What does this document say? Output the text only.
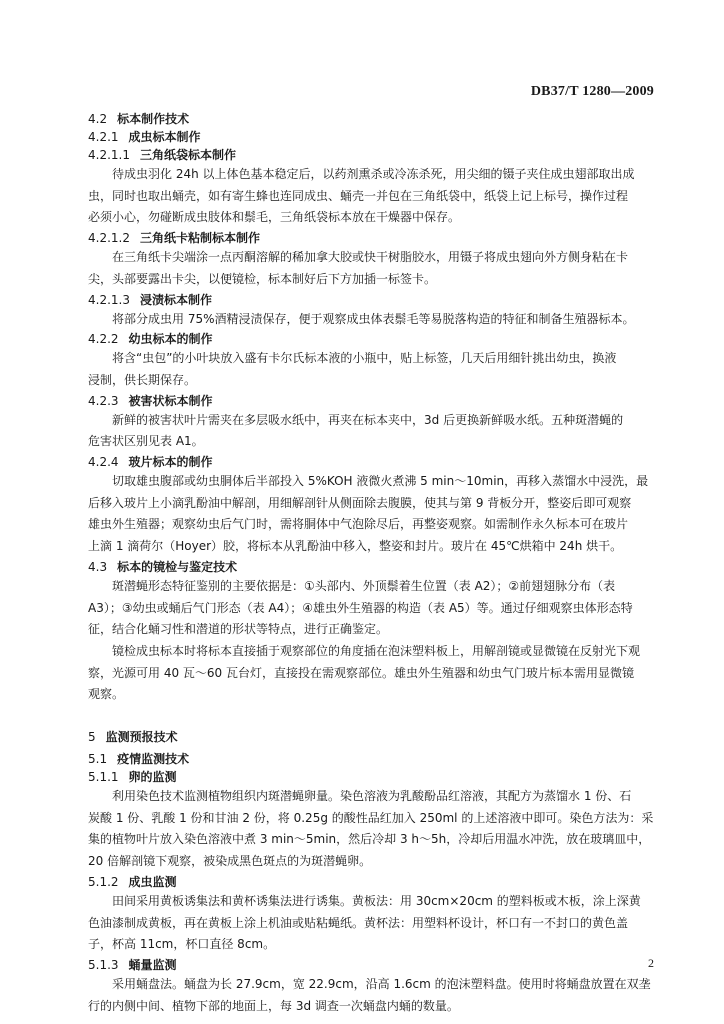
DB37/T 1280—2009
4.2 标本制作技术
4.2.1 成虫标本制作
4.2.1.1 三角纸袋标本制作
待成虫羽化 24h 以上体色基本稳定后，以药剂熏杀或冷冻杀死，用尖细的镊子夹住成虫翅部取出成
虫，同时也取出蛹壳，如有寄生蜂也连同成虫、蛹壳一并包在三角纸袋中，纸袋上记上标号，操作过程
必须小心，勿碰断成虫肢体和鬃毛，三角纸袋标本放在干燥器中保存。
4.2.1.2 三角纸卡粘制标本制作
在三角纸卡尖端涂一点丙酮溶解的稀加拿大胶或快干树脂胶水，用镊子将成虫翅向外方侧身粘在卡
尖，头部要露出卡尖，以便镜检，标本制好后下方加插一标签卡。
4.2.1.3 浸渍标本制作
将部分成虫用 75%酒精浸渍保存，便于观察成虫体表鬃毛等易脱落构造的特征和制备生殖器标本。
4.2.2 幼虫标本的制作
将含“虫包”的小叶块放入盛有卡尔氏标本液的小瓶中，贴上标签，几天后用细针挑出幼虫，换液
浸制，供长期保存。
4.2.3 被害状标本制作
新鲜的被害状叶片需夹在多层吸水纸中，再夹在标本夹中，3d 后更换新鲜吸水纸。五种斑潜蝇的
危害状区别见表 A1。
4.2.4 玻片标本的制作
切取雄虫腹部或幼虫胴体后半部投入 5%KOH 液微火煮沸 5 min～10min，再移入蒸馏水中浸洗，最
后移入玻片上小滴乳酚油中解剖，用细解剖针从侧面除去腹膜，使其与第 9 背板分开，整姿后即可观察
雄虫外生殖器；观察幼虫后气门时，需将胴体中气泡除尽后，再整姿观察。如需制作永久标本可在玻片
上滴 1 滴荷尔（Hoyer）胶，将标本从乳酚油中移入，整姿和封片。玻片在 45℃烘箱中 24h 烘干。
4.3 标本的镜检与鉴定技术
斑潜蝇形态特征鉴别的主要依据是：①头部内、外顶鬃着生位置（表 A2）；②前翅翅脉分布（表
A3）；③幼虫或蛹后气门形态（表 A4）；④雄虫外生殖器的构造（表 A5）等。通过仔细观察虫体形态特
征，结合化蛹习性和潜道的形状等特点，进行正确鉴定。
镜检成虫标本时将标本直接插于观察部位的角度插在泡沫塑料板上，用解剖镜或显微镜在反射光下观
察，光源可用 40 瓦～60 瓦台灯，直接投在需观察部位。雄虫外生殖器和幼虫气门玻片标本需用显微镜
观察。
5 监测预报技术
5.1 疫情监测技术
5.1.1 卵的监测
利用染色技术监测植物组织内斑潜蝇卵量。染色溶液为乳酸酚品红溶液，其配方为蒸馏水 1 份、石
炭酸 1 份、乳酸 1 份和甘油 2 份，将 0.25g 的酸性品红加入 250ml 的上述溶液中即可。染色方法为：采
集的植物叶片放入染色溶液中煮 3 min～5min，然后冷却 3 h～5h，冷却后用温水冲洗，放在玻璃皿中，
20 倍解剖镜下观察，被染成黑色斑点的为斑潜蝇卵。
5.1.2 成虫监测
田间采用黄板诱集法和黄杯诱集法进行诱集。黄板法：用 30cm×20cm 的塑料板或木板，涂上深黄
色油漆制成黄板，再在黄板上涂上机油或贴粘蝇纸。黄杯法：用塑料杯设计，杯口有一不封口的黄色盖
子，杯高 11cm，杯口直径 8cm。
5.1.3 蛹量监测
采用蛹盘法。蛹盘为长 27.9cm，宽 22.9cm，沿高 1.6cm 的泡沫塑料盘。使用时将蛹盘放置在双垄
行的内侧中间、植物下部的地面上，每 3d 调查一次蛹盘内蛹的数量。
2
